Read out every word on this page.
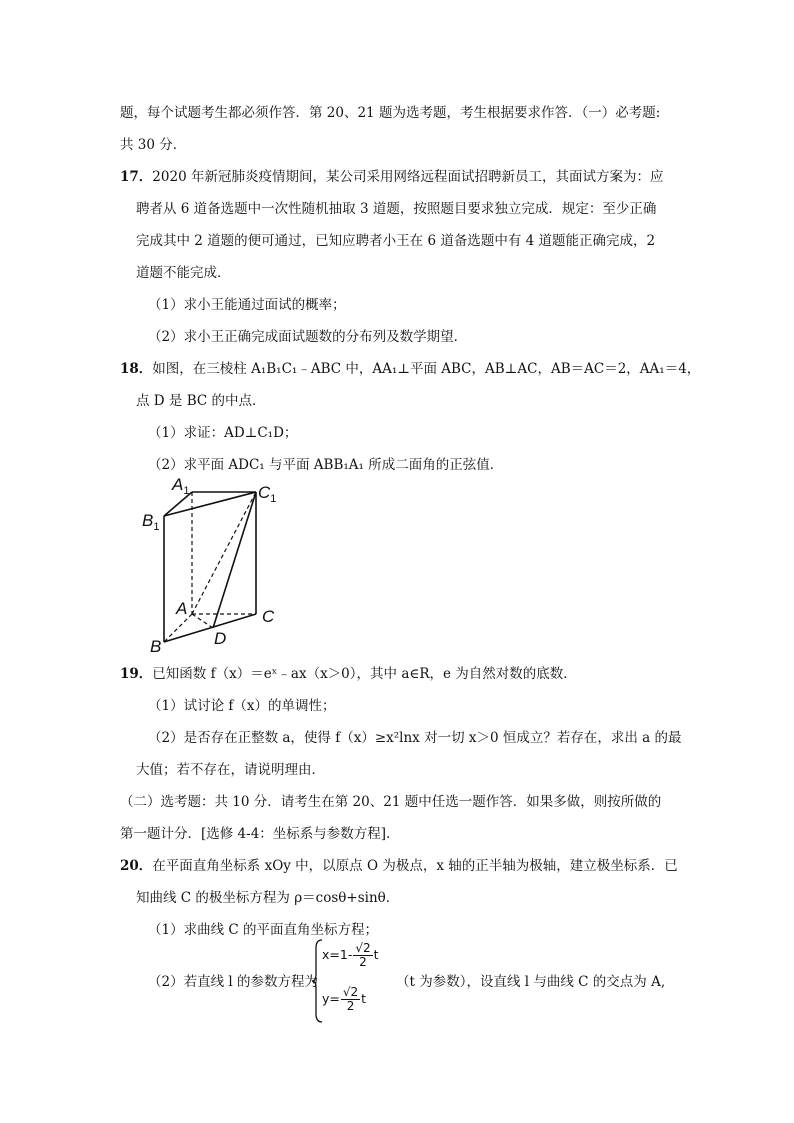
题，每个试题考生都必须作答．第 20、21 题为选考题，考生根据要求作答．（一）必考题:
共 30 分．
17．2020 年新冠肺炎疫情期间，某公司采用网络远程面试招聘新员工，其面试方案为：应
聘者从 6 道备选题中一次性随机抽取 3 道题，按照题目要求独立完成．规定：至少正确
完成其中 2 道题的便可通过，已知应聘者小王在 6 道备选题中有 4 道题能正确完成，2
道题不能完成．
（1）求小王能通过面试的概率；
（2）求小王正确完成面试题数的分布列及数学期望．
18．如图，在三棱柱 A₁B₁C₁﹣ABC 中，AA₁⊥平面 ABC，AB⊥AC，AB＝AC＝2，AA₁＝4，
点 D 是 BC 的中点．
（1）求证：AD⊥C₁D；
（2）求平面 ADC₁ 与平面 ABB₁A₁ 所成二面角的正弦值．
$A_1$
$B_1$
$C_1$
A
B
C
D
19．已知函数 f（x）＝eˣ﹣ax（x＞0），其中 a∈R，e 为自然对数的底数．
（1）试讨论 f（x）的单调性；
（2）是否存在正整数 a，使得 f（x）≥x²lnx 对一切 x＞0 恒成立？若存在，求出 a 的最
大值；若不存在，请说明理由．
（二）选考题：共 10 分．请考生在第 20、21 题中任选一题作答．如果多做，则按所做的
第一题计分．[选修 4-4：坐标系与参数方程]．
20．在平面直角坐标系 xOy 中，以原点 O 为极点，x 轴的正半轴为极轴，建立极坐标系．已
知曲线 C 的极坐标方程为 ρ＝cosθ+sinθ．
（1）求曲线 C 的平面直角坐标方程；
（2）若直线 l 的参数方程为
$x=1- \frac{√2}{2}$ t
$y= \frac{√2}{2}$ t
（t 为参数），设直线 l 与曲线 C 的交点为 A,
